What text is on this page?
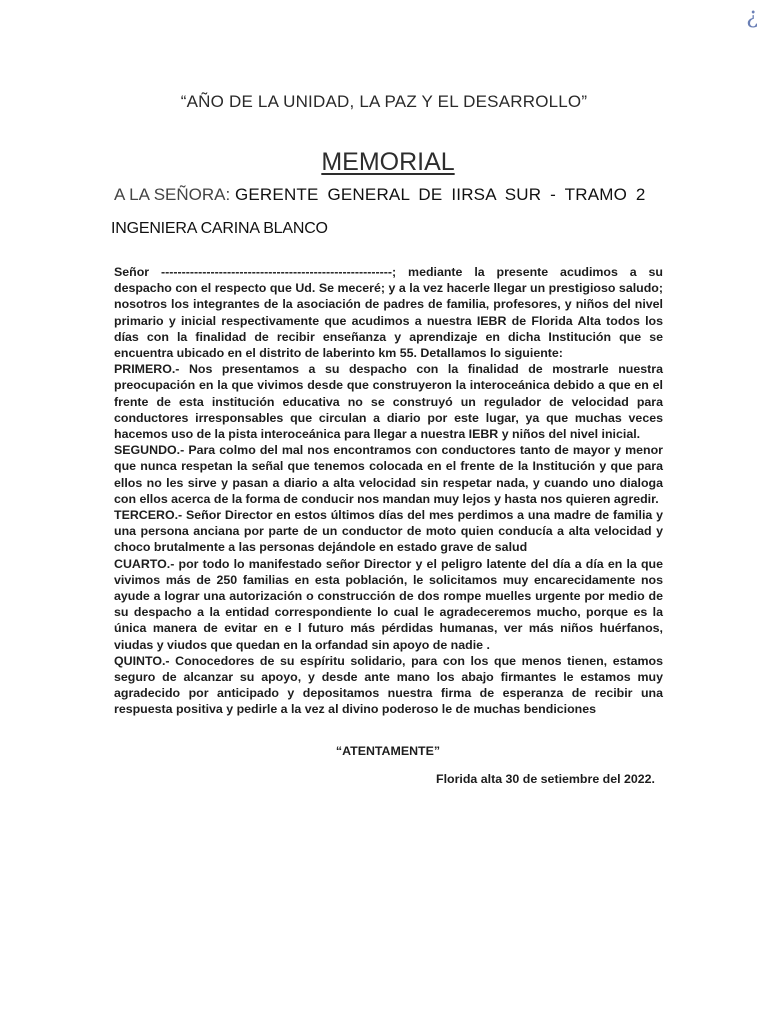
¿
“AÑO DE LA UNIDAD, LA PAZ Y EL DESARROLLO”
MEMORIAL
A LA SEÑORA: GERENTE GENERAL DE IIRSA SUR - TRAMO 2
INGENIERA CARINA BLANCO

Señor --------------------------------------------------------; mediante la presente acudimos a su despacho con el respecto que Ud. Se meceré; y a la vez hacerle llegar un prestigioso saludo; nosotros los integrantes de la asociación de padres de familia, profesores, y niños del nivel primario y inicial respectivamente que acudimos a nuestra IEBR de Florida Alta todos los días con la finalidad de recibir enseñanza y aprendizaje en dicha Institución que se encuentra ubicado en el distrito de laberinto km 55. Detallamos lo siguiente:

PRIMERO.- Nos presentamos a su despacho con la finalidad de mostrarle nuestra preocupación en la que vivimos desde que construyeron la interoceánica debido a que en el frente de esta institución educativa no se construyó un regulador de velocidad para conductores irresponsables que circulan a diario por este lugar, ya que muchas veces hacemos uso de la pista interoceánica para llegar a nuestra IEBR y niños del nivel inicial.

SEGUNDO.- Para colmo del mal nos encontramos con conductores tanto de mayor y menor que nunca respetan la señal que tenemos colocada en el frente de la Institución y que para ellos no les sirve y pasan a diario a alta velocidad sin respetar nada, y cuando uno dialoga con ellos acerca de la forma de conducir nos mandan muy lejos y hasta nos quieren agredir.

TERCERO.- Señor Director en estos últimos días del mes perdimos a una madre de familia y una persona anciana por parte de un conductor de moto quien conducía a alta velocidad y choco brutalmente a las personas dejándole en estado grave de salud

CUARTO.- por todo lo manifestado señor Director y el peligro latente del día a día en la que vivimos más de 250 familias en esta población, le solicitamos muy encarecidamente nos ayude a lograr una autorización o construcción de dos rompe muelles urgente por medio de su despacho a la entidad correspondiente lo cual le agradeceremos mucho, porque es la única manera de evitar en e l futuro más pérdidas humanas, ver más niños huérfanos, viudas y viudos que quedan en la orfandad sin apoyo de nadie .

QUINTO.- Conocedores de su espíritu solidario, para con los que menos tienen, estamos seguro de alcanzar su apoyo, y desde ante mano los abajo firmantes le estamos muy agradecido por anticipado y depositamos nuestra firma de esperanza de recibir una respuesta positiva y pedirle a la vez al divino poderoso le de muchas bendiciones

“ATENTAMENTE”
Florida alta 30 de setiembre del 2022.
